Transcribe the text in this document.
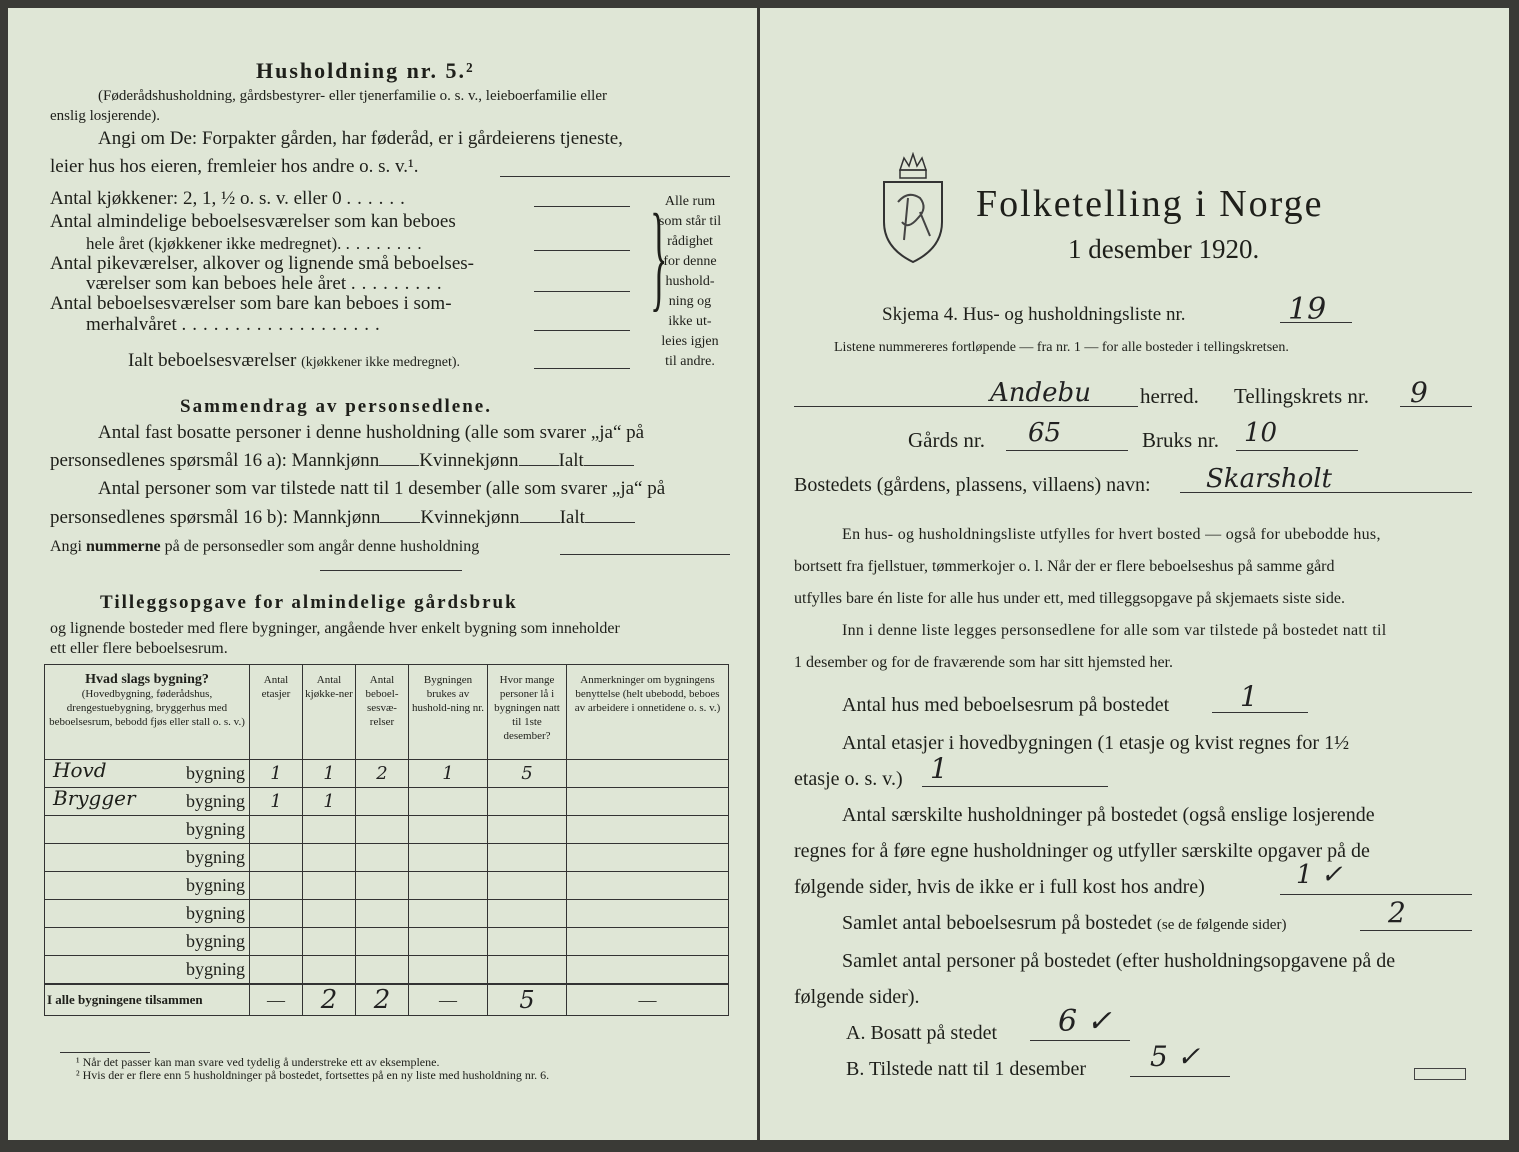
Husholdning nr. 5.²
(Føderådshusholdning, gårdsbestyrer- eller tjenerfamilie o. s. v., leieboerfamilie eller
enslig losjerende).
Angi om De: Forpakter gården, har føderåd, er i gårdeierens tjeneste,
leier hus hos eieren, fremleier hos andre o. s. v.¹.
Antal kjøkkener: 2, 1, ½ o. s. v. eller 0 ......
Antal almindelige beboelsesværelser som kan beboes
hele året (kjøkkener ikke medregnet). ........
Antal pikeværelser, alkover og lignende små beboelses-
værelser som kan beboes hele året .........
Antal beboelsesværelser som bare kan beboes i som-
merhalvåret ...................
Ialt beboelsesværelser (kjøkkener ikke medregnet).
}
Alle rum
som står til
rådighet
for denne
hushold-
ning og
ikke ut-
leies igjen
til andre.
Sammendrag av personsedlene.
Antal fast bosatte personer i denne husholdning (alle som svarer „ja“ på
personsedlenes spørsmål 16 a): Mannkjønn Kvinnekjønn Ialt
Antal personer som var tilstede natt til 1 desember (alle som svarer „ja“ på
personsedlenes spørsmål 16 b): Mannkjønn Kvinnekjønn Ialt
Angi nummerne på de personsedler som angår denne husholdning
Tilleggsopgave for almindelige gårdsbruk
og lignende bosteder med flere bygninger, angående hver enkelt bygning som inneholder
ett eller flere beboelsesrum.
Hvad slags bygning?
(Hovedbygning, føderådshus, drengestuebygning, bryggerhus med beboelsesrum, bebodd fjøs eller stall o. s. v.)	Antal etasjer	Antal kjøkke-ner	Antal beboel-sesvæ-relser	Bygningen brukes av hushold-ning nr.	Hvor mange personer lå i bygningen natt til 1ste desember?	Anmerkninger om bygningens benyttelse (helt ubebodd, beboes av arbeidere i onnetidene o. s. v.)

Hovd bygning	1	1	2	1	5	

Brygger bygning	1	1				

bygning						

bygning						

bygning						

bygning						

bygning						

bygning						
I alle bygningene tilsammen	—	2	2	—	5	—
¹ Når det passer kan man svare ved tydelig å understreke ett av eksemplene.
² Hvis der er flere enn 5 husholdninger på bostedet, fortsettes på en ny liste med husholdning nr. 6.
Folketelling i Norge
1 desember 1920.
Skjema 4. Hus- og husholdningsliste nr.	19
Listene nummereres fortløpende — fra nr. 1 — for alle bosteder i tellingskretsen.
Andebu herred. Tellingskrets nr. 9
Gårds nr. 65	Bruks nr. 10
Bostedets (gårdens, plassens, villaens) navn: Skarsholt
En hus- og husholdningsliste utfylles for hvert bosted — også for ubebodde hus,
bortsett fra fjellstuer, tømmerkojer o. l. Når der er flere beboelseshus på samme gård
utfylles bare én liste for alle hus under ett, med tilleggsopgave på skjemaets siste side.
Inn i denne liste legges personsedlene for alle som var tilstede på bostedet natt til
1 desember og for de fraværende som har sitt hjemsted her.
Antal hus med beboelsesrum på bostedet	1
Antal etasjer i hovedbygningen (1 etasje og kvist regnes for 1½
etasje o. s. v.) 1
Antal særskilte husholdninger på bostedet (også enslige losjerende
regnes for å føre egne husholdninger og utfyller særskilte opgaver på de
følgende sider, hvis de ikke er i full kost hos andre)	1 ✓
Samlet antal beboelsesrum på bostedet (se de følgende sider)	2
Samlet antal personer på bostedet (efter husholdningsopgavene på de
følgende sider).
A. Bosatt på stedet 6 ✓
B. Tilstede natt til 1 desember 5 ✓
